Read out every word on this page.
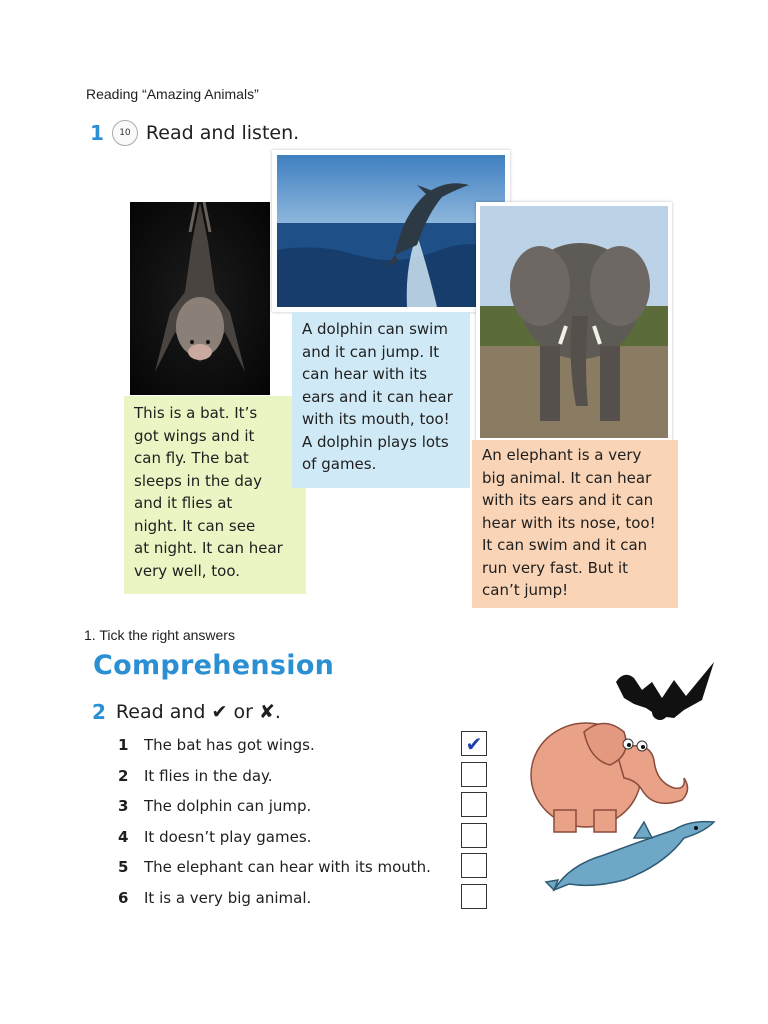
Reading “Amazing Animals”
1 10 Read and listen.
This is a bat. It’s
got wings and it
can fly. The bat
sleeps in the day
and it flies at
night. It can see
at night. It can hear
very well, too.
A dolphin can swim
and it can jump. It
can hear with its
ears and it can hear
with its mouth, too!
A dolphin plays lots
of games.	An elephant is a very
big animal. It can hear
with its ears and it can
hear with its nose, too!
It can swim and it can
run very fast. But it
can’t jump!
1. Tick the right answers
Comprehension
2 Read and ✔ or ✘.
1	The bat has got wings.	✔
2	It flies in the day.
3	The dolphin can jump.
4	It doesn’t play games.
5	The elephant can hear with its mouth.
6	It is a very big animal.
